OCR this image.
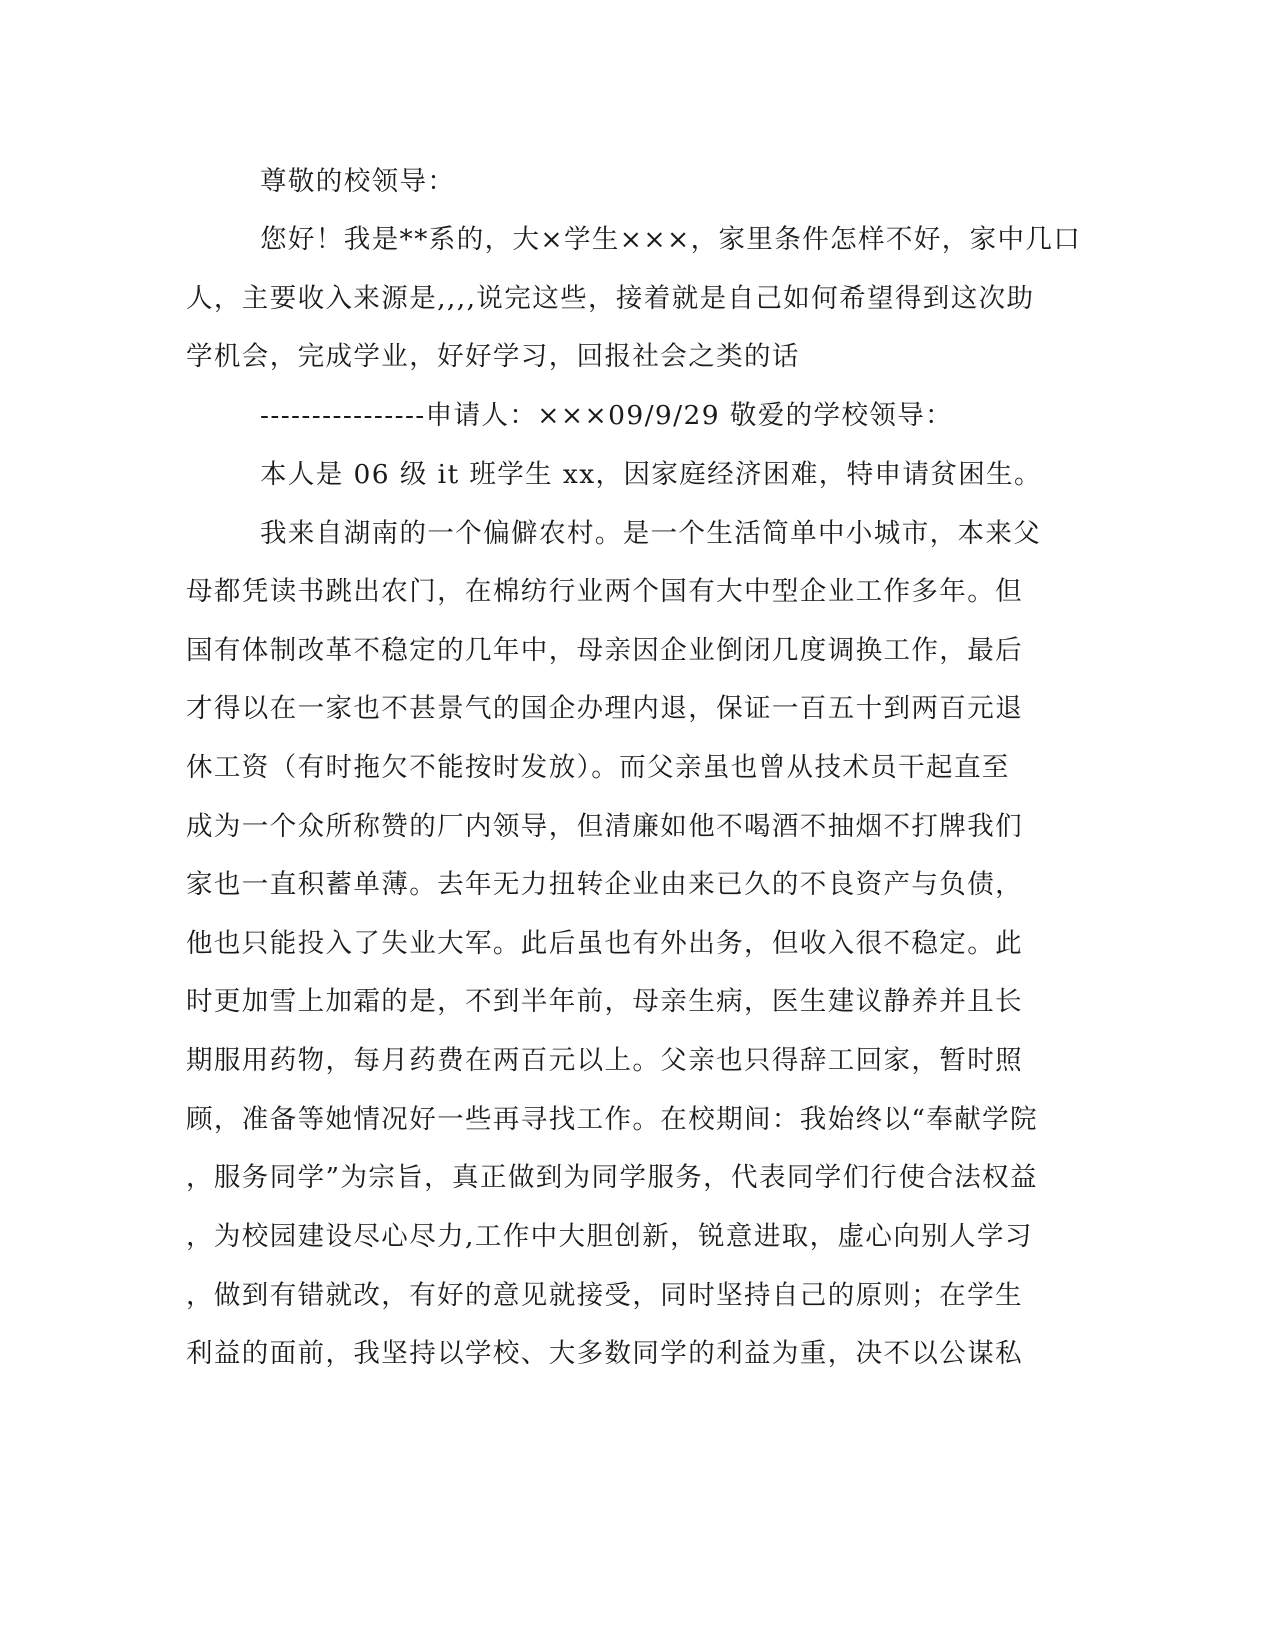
尊敬的校领导：
您好！我是**系的，大×学生×××，家里条件怎样不好，家中几口
人，主要收入来源是,,,,说完这些，接着就是自己如何希望得到这次助
学机会，完成学业，好好学习，回报社会之类的话
----------------申请人：×××09/9/29 敬爱的学校领导：
本人是 06 级 it 班学生 xx，因家庭经济困难，特申请贫困生。
我来自湖南的一个偏僻农村。是一个生活简单中小城市，本来父
母都凭读书跳出农门，在棉纺行业两个国有大中型企业工作多年。但
国有体制改革不稳定的几年中，母亲因企业倒闭几度调换工作，最后
才得以在一家也不甚景气的国企办理内退，保证一百五十到两百元退
休工资（有时拖欠不能按时发放）。而父亲虽也曾从技术员干起直至
成为一个众所称赞的厂内领导，但清廉如他不喝酒不抽烟不打牌我们
家也一直积蓄单薄。去年无力扭转企业由来已久的不良资产与负债，
他也只能投入了失业大军。此后虽也有外出务，但收入很不稳定。此
时更加雪上加霜的是，不到半年前，母亲生病，医生建议静养并且长
期服用药物，每月药费在两百元以上。父亲也只得辞工回家，暂时照
顾，准备等她情况好一些再寻找工作。在校期间：我始终以“奉献学院
，服务同学”为宗旨，真正做到为同学服务，代表同学们行使合法权益
，为校园建设尽心尽力,工作中大胆创新，锐意进取，虚心向别人学习
，做到有错就改，有好的意见就接受，同时坚持自己的原则；在学生
利益的面前，我坚持以学校、大多数同学的利益为重，决不以公谋私
